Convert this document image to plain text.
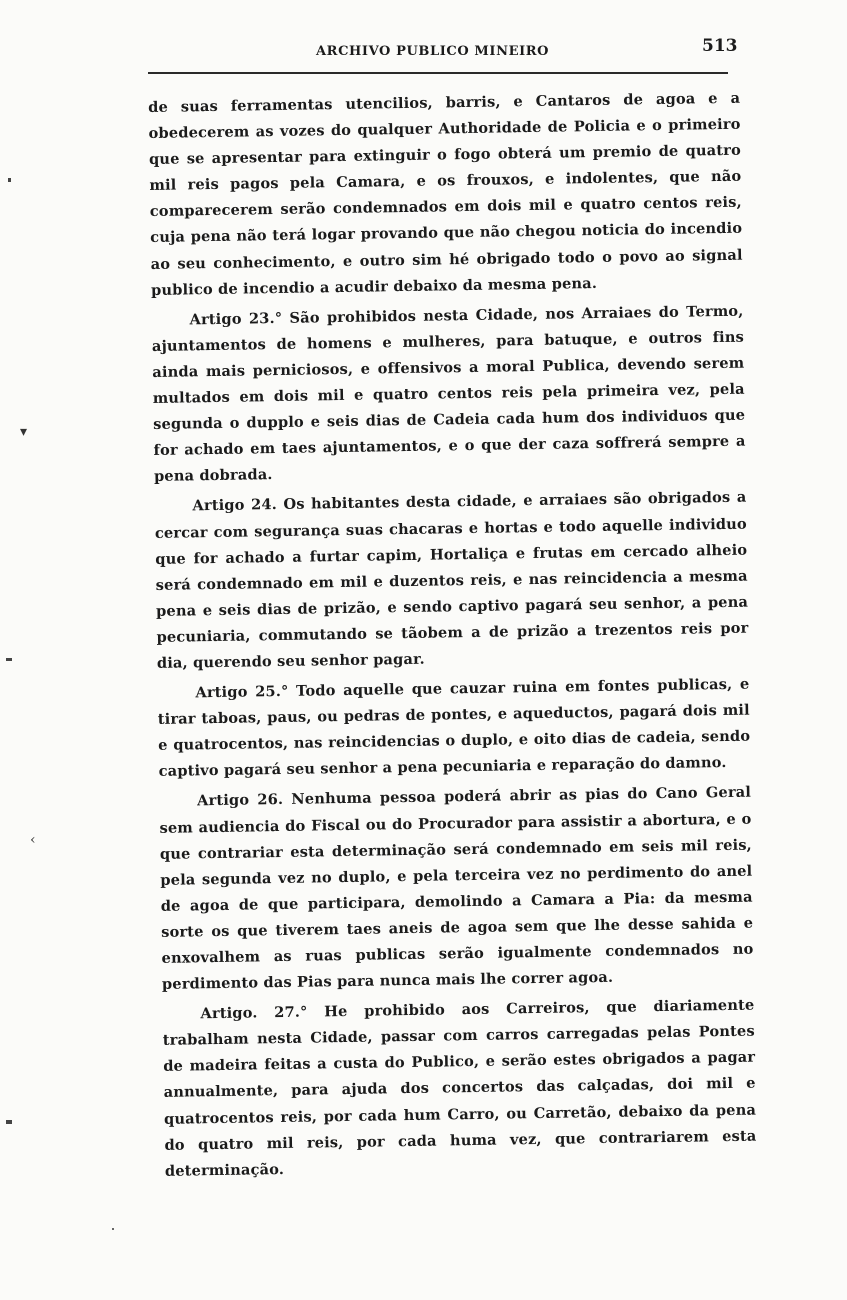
ARCHIVO PUBLICO MINEIRO	513

de suas ferramentas utencilios, barris, e Cantaros de agoa e a obedecerem as vozes do qualquer Authoridade de Policia e o primeiro que se apresentar para extinguir o fogo obterá um premio de quatro mil reis pagos pela Camara, e os frouxos, e indolentes, que não comparecerem serão condemnados em dois mil e quatro centos reis, cuja pena não terá logar provando que não chegou noticia do incendio ao seu conhecimento, e outro sim hé obrigado todo o povo ao signal publico de incendio a acudir debaixo da mesma pena.

Artigo 23.° São prohibidos nesta Cidade, nos Arraiaes do Termo, ajuntamentos de homens e mulheres, para batuque, e outros fins ainda mais perniciosos, e offensivos a moral Publica, devendo serem multados em dois mil e quatro centos reis pela primeira vez, pela segunda o dupplo e seis dias de Cadeia cada hum dos individuos que for achado em taes ajuntamentos, e o que der caza soffrerá sempre a pena dobrada.

Artigo 24. Os habitantes desta cidade, e arraiaes são obrigados a cercar com segurança suas chacaras e hortas e todo aquelle individuo que for achado a furtar capim, Hortaliça e frutas em cercado alheio será condemnado em mil e duzentos reis, e nas reincidencia a mesma pena e seis dias de prizão, e sendo captivo pagará seu senhor, a pena pecuniaria, commutando se tãobem a de prizão a trezentos reis por dia, querendo seu senhor pagar.

Artigo 25.° Todo aquelle que cauzar ruina em fontes publicas, e tirar taboas, paus, ou pedras de pontes, e aqueductos, pagará dois mil e quatrocentos, nas reincidencias o duplo, e oito dias de cadeia, sendo captivo pagará seu senhor a pena pecuniaria e reparação do damno.

Artigo 26. Nenhuma pessoa poderá abrir as pias do Cano Geral sem audiencia do Fiscal ou do Procurador para assistir a abortura, e o que contrariar esta determinação será condemnado em seis mil reis, pela segunda vez no duplo, e pela terceira vez no perdimento do anel de agoa de que participara, demolindo a Camara a Pia: da mesma sorte os que tiverem taes aneis de agoa sem que lhe desse sahida e enxovalhem as ruas publicas serão igualmente condemnados no perdimento das Pias para nunca mais lhe correr agoa.

Artigo. 27.° He prohibido aos Carreiros, que diariamente trabalham nesta Cidade, passar com carros carregadas pelas Pontes de madeira feitas a custa do Publico, e serão estes obrigados a pagar annualmente, para ajuda dos concertos das calçadas, doi mil e quatrocentos reis, por cada hum Carro, ou Carretão, debaixo da pena do quatro mil reis, por cada huma vez, que contrariarem esta determinação.

▾
‹
